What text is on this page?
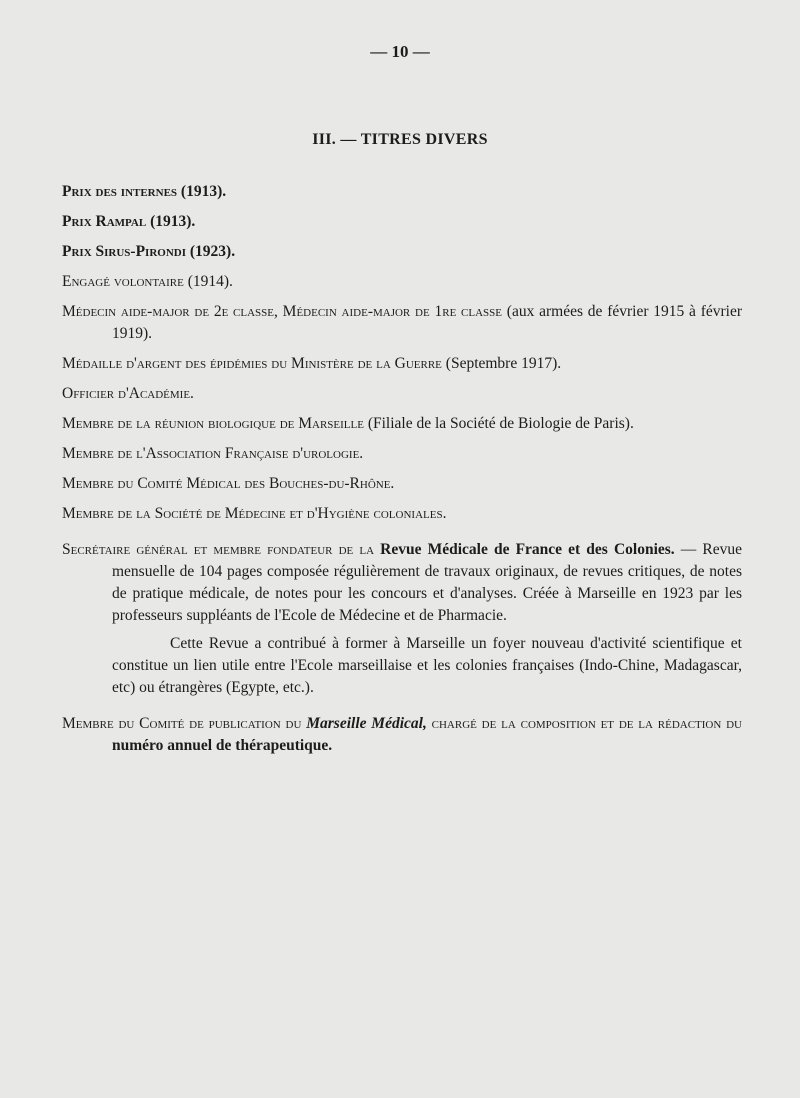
— 10 —
III. — TITRES DIVERS

Prix des internes (1913).

Prix Rampal (1913).

Prix Sirus-Pirondi (1923).

Engagé volontaire (1914).

Médecin aide-major de 2e classe, Médecin aide-major de 1re classe (aux armées de février 1915 à février 1919).

Médaille d'argent des épidémies du Ministère de la Guerre (Septembre 1917).

Officier d'Académie.

Membre de la réunion biologique de Marseille (Filiale de la Société de Biologie de Paris).

Membre de l'Association Française d'urologie.

Membre du Comité Médical des Bouches-du-Rhône.

Membre de la Société de Médecine et d'Hygiène coloniales.

Secrétaire général et membre fondateur de la Revue Médicale de France et des Colonies. — Revue mensuelle de 104 pages composée régulièrement de travaux originaux, de revues critiques, de notes de pratique médicale, de notes pour les concours et d'analyses. Créée à Marseille en 1923 par les professeurs suppléants de l'Ecole de Médecine et de Pharmacie.
Cette Revue a contribué à former à Marseille un foyer nouveau d'activité scientifique et constitue un lien utile entre l'Ecole marseillaise et les colonies françaises (Indo-Chine, Madagascar, etc) ou étrangères (Egypte, etc.).

Membre du Comité de publication du Marseille Médical, chargé de la composition et de la rédaction du numéro annuel de thérapeutique.
